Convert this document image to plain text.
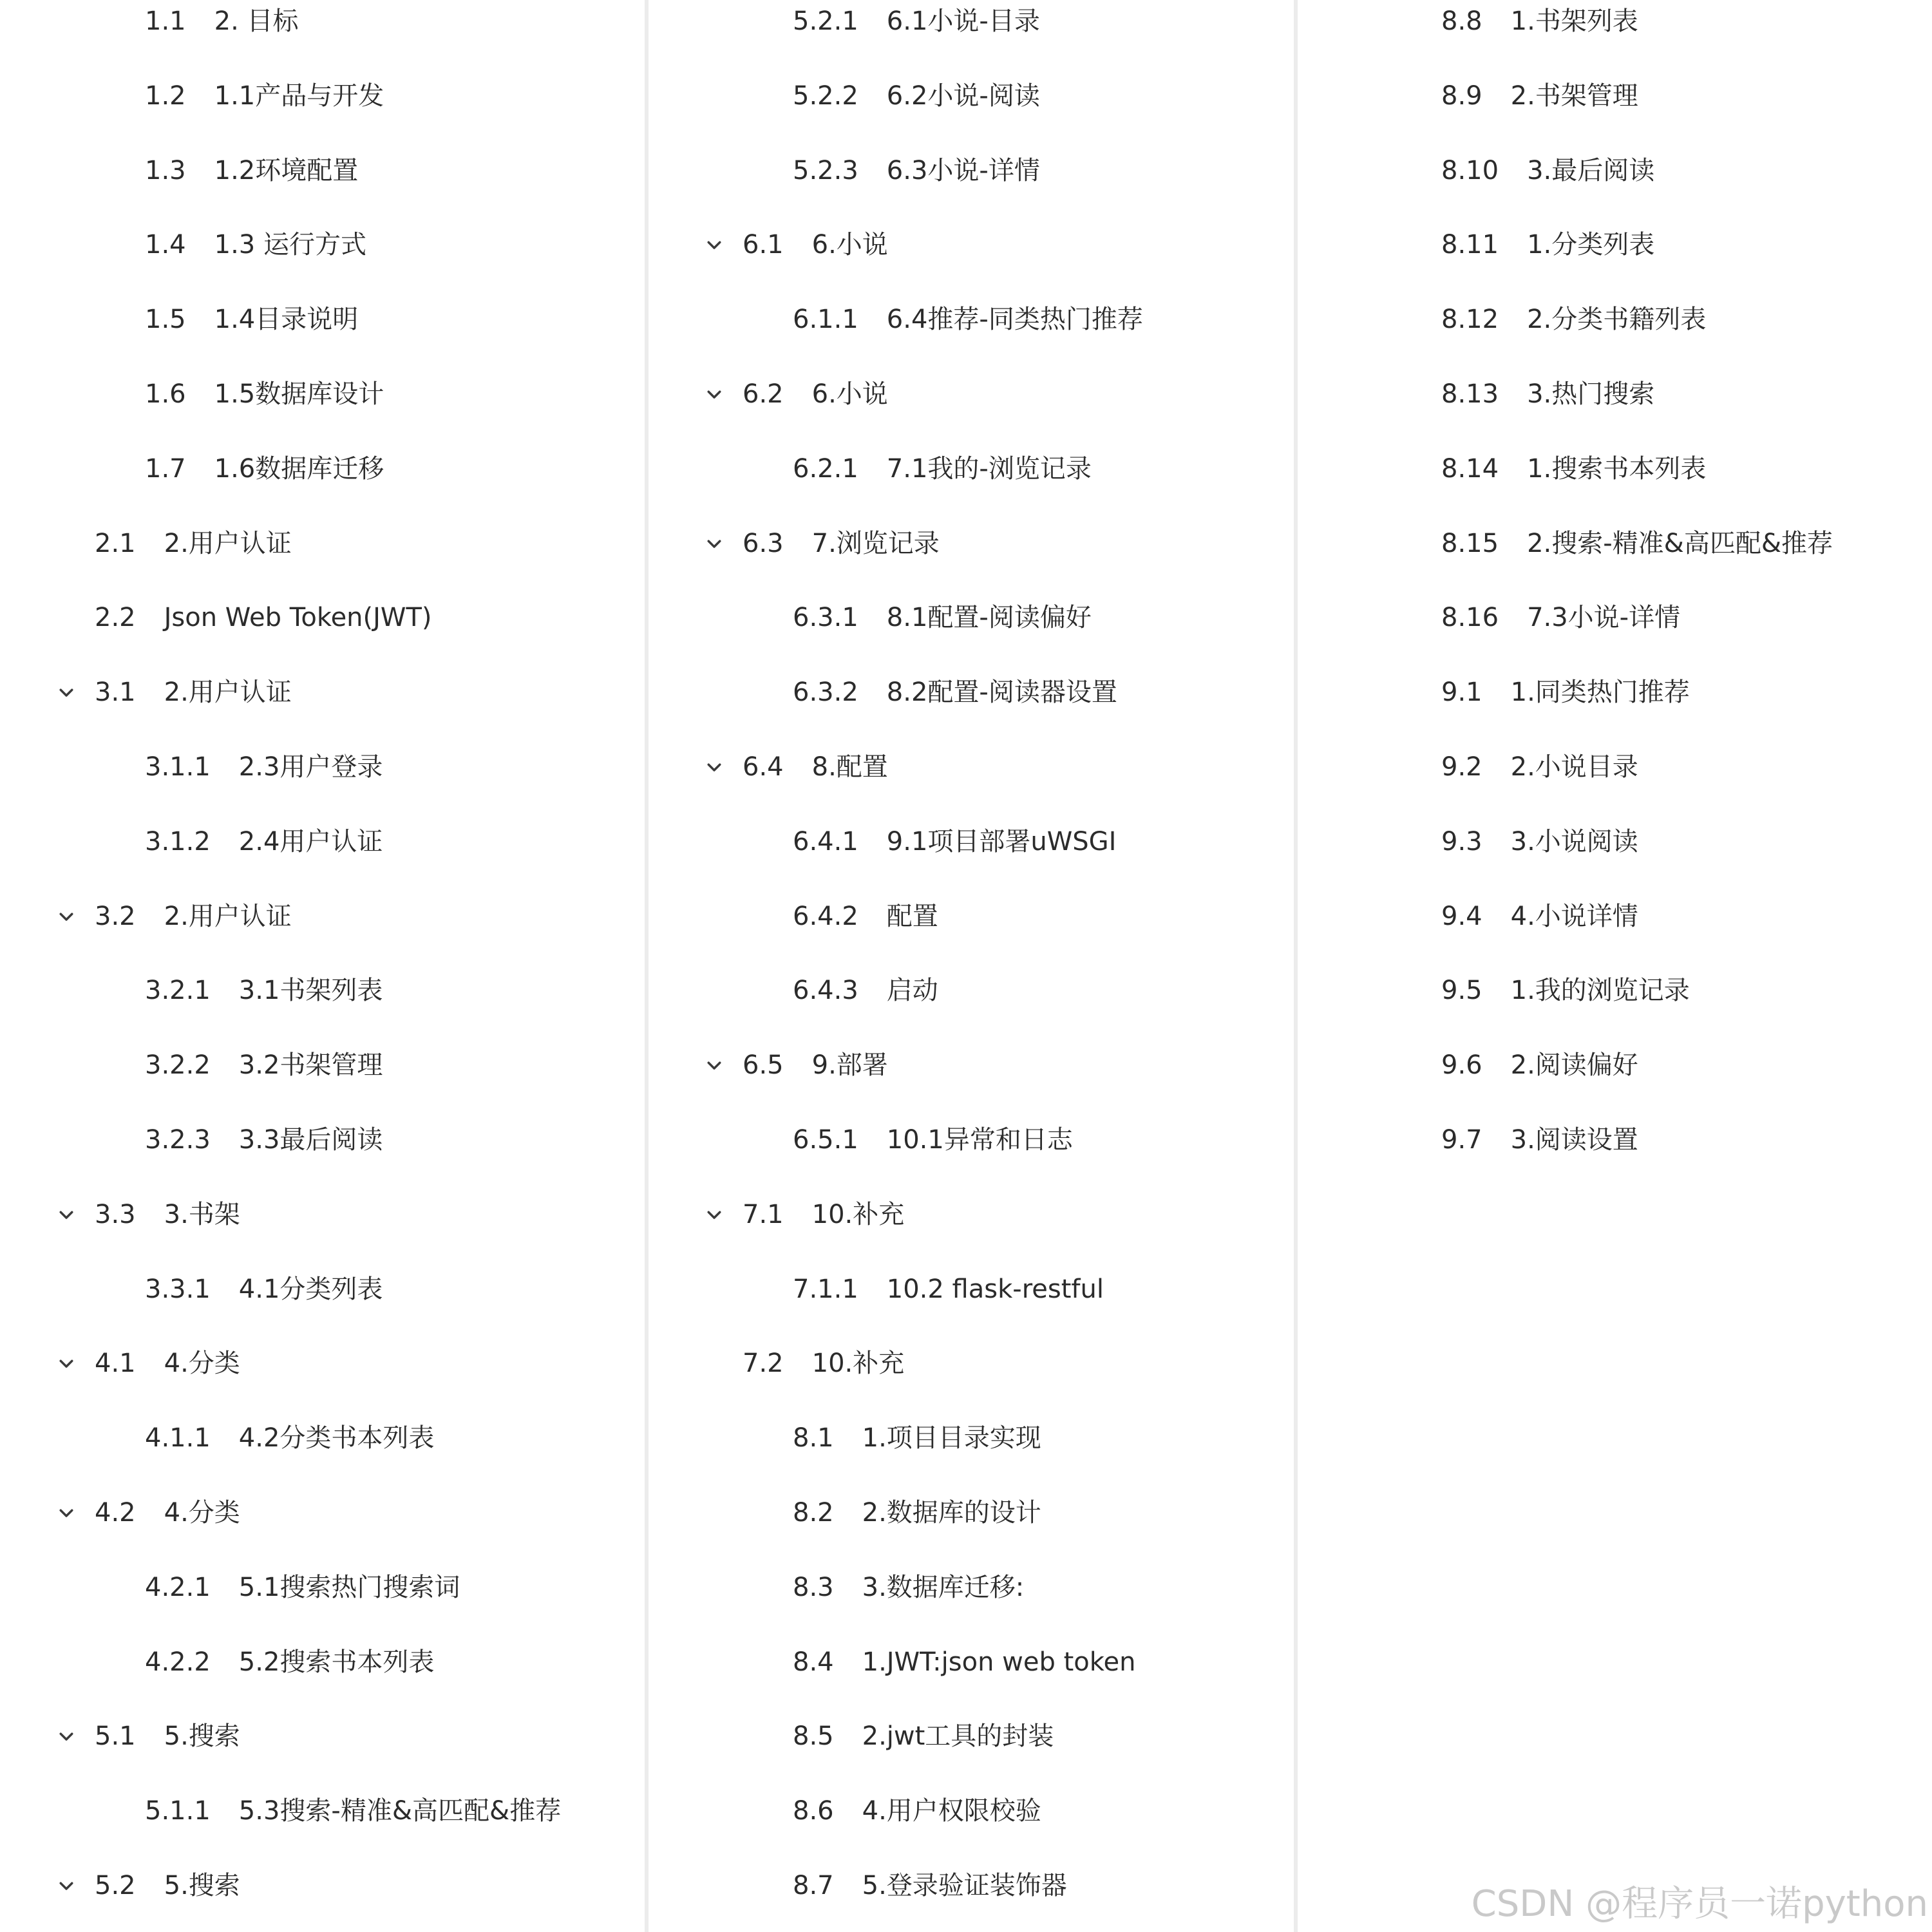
1.1 2. 目标
1.2 1.1产品与开发
1.3 1.2环境配置
1.4 1.3 运行方式
1.5 1.4目录说明
1.6 1.5数据库设计
1.7 1.6数据库迁移
2.1 2.用户认证
2.2 Json Web Token(JWT)
3.1 2.用户认证
3.1.1 2.3用户登录
3.1.2 2.4用户认证
3.2 2.用户认证
3.2.1 3.1书架列表
3.2.2 3.2书架管理
3.2.3 3.3最后阅读
3.3 3.书架
3.3.1 4.1分类列表
4.1 4.分类
4.1.1 4.2分类书本列表
4.2 4.分类
4.2.1 5.1搜索热门搜索词
4.2.2 5.2搜索书本列表
5.1 5.搜索
5.1.1 5.3搜索-精准&高匹配&推荐
5.2 5.搜索
5.2.1 6.1小说-目录
5.2.2 6.2小说-阅读
5.2.3 6.3小说-详情
6.1 6.小说
6.1.1 6.4推荐-同类热门推荐
6.2 6.小说
6.2.1 7.1我的-浏览记录
6.3 7.浏览记录
6.3.1 8.1配置-阅读偏好
6.3.2 8.2配置-阅读器设置
6.4 8.配置
6.4.1 9.1项目部署uWSGI
6.4.2 配置
6.4.3 启动
6.5 9.部署
6.5.1 10.1异常和日志
7.1 10.补充
7.1.1 10.2 flask-restful
7.2 10.补充
8.1 1.项目目录实现
8.2 2.数据库的设计
8.3 3.数据库迁移:
8.4 1.JWT:json web token
8.5 2.jwt工具的封装
8.6 4.用户权限校验
8.7 5.登录验证装饰器
8.8 1.书架列表
8.9 2.书架管理
8.10 3.最后阅读
8.11 1.分类列表
8.12 2.分类书籍列表
8.13 3.热门搜索
8.14 1.搜索书本列表
8.15 2.搜索-精准&高匹配&推荐
8.16 7.3小说-详情
9.1 1.同类热门推荐
9.2 2.小说目录
9.3 3.小说阅读
9.4 4.小说详情
9.5 1.我的浏览记录
9.6 2.阅读偏好
9.7 3.阅读设置
CSDN @程序员一诺python
